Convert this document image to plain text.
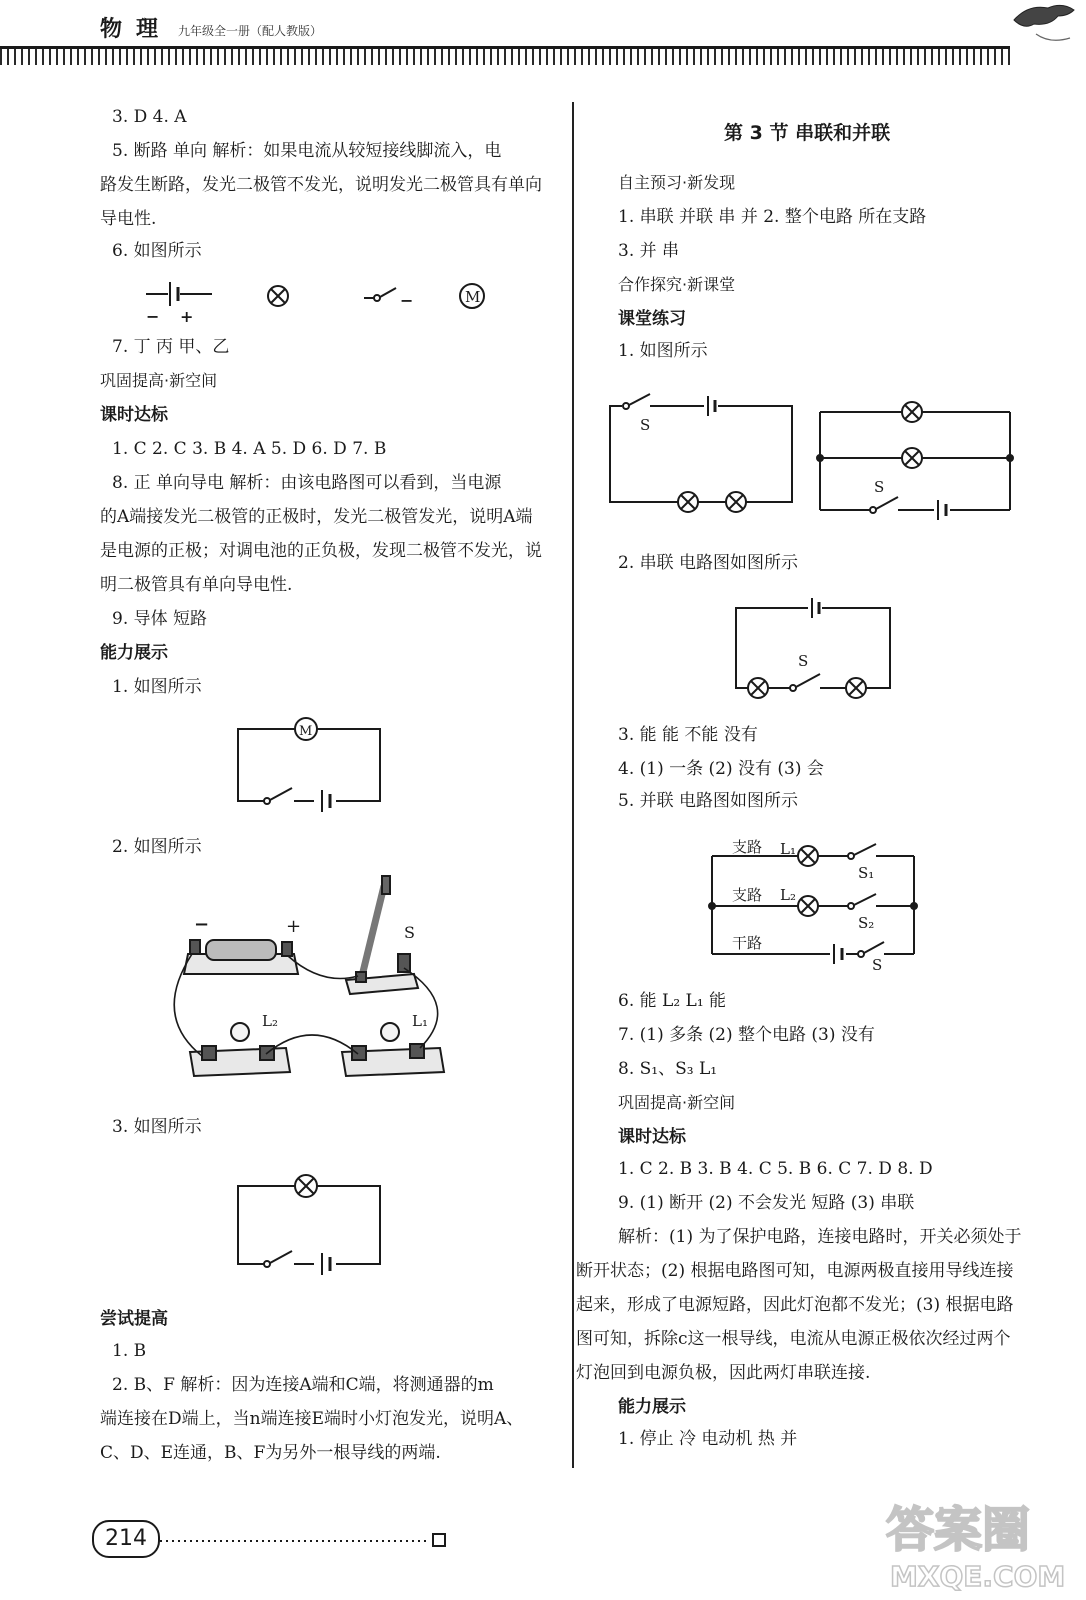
物理 九年级全一册（配人教版）
3. D 4. A
5. 断路 单向 解析：如果电流从较短接线脚流入，电
路发生断路，发光二极管不发光，说明发光二极管具有单向
导电性.
6. 如图所示
M
− +
−
7. 丁 丙 甲、乙
巩固提高·新空间
课时达标
1. C 2. C 3. B 4. A 5. D 6. D 7. B
8. 正 单向导电 解析：由该电路图可以看到，当电源
的A端接发光二极管的正极时，发光二极管发光，说明A端
是电源的正极；对调电池的正负极，发现二极管不发光，说
明二极管具有单向导电性.
9. 导体 短路
能力展示
1. 如图所示
M
2. 如图所示
−	+	S
L₂	L₁
3. 如图所示
尝试提高
1. B
2. B、F 解析：因为连接A端和C端，将测通器的m
端连接在D端上，当n端连接E端时小灯泡发光，说明A、
C、D、E连通，B、F为另外一根导线的两端.
第 3 节 串联和并联
自主预习·新发现
1. 串联 并联 串 并 2. 整个电路 所在支路
3. 并 串
合作探究·新课堂
课堂练习
1. 如图所示
S
S
2. 串联 电路图如图所示
S
3. 能 能 不能 没有
4. (1) 一条 (2) 没有 (3) 会
5. 并联 电路图如图所示
支路
支路
干路
L₁
L₂
S₁
S₂
S
6. 能 L₂ L₁ 能
7. (1) 多条 (2) 整个电路 (3) 没有
8. S₁、S₃ L₁
巩固提高·新空间
课时达标
1. C 2. B 3. B 4. C 5. B 6. C 7. D 8. D
9. (1) 断开 (2) 不会发光 短路 (3) 串联
解析：(1) 为了保护电路，连接电路时，开关必须处于
断开状态；(2) 根据电路图可知，电源两极直接用导线连接
起来，形成了电源短路，因此灯泡都不发光；(3) 根据电路
图可知，拆除c这一根导线，电流从电源正极依次经过两个
灯泡回到电源负极，因此两灯串联连接.
能力展示
1. 停止 冷 电动机 热 并
214	答案圈
MXQE.COM
